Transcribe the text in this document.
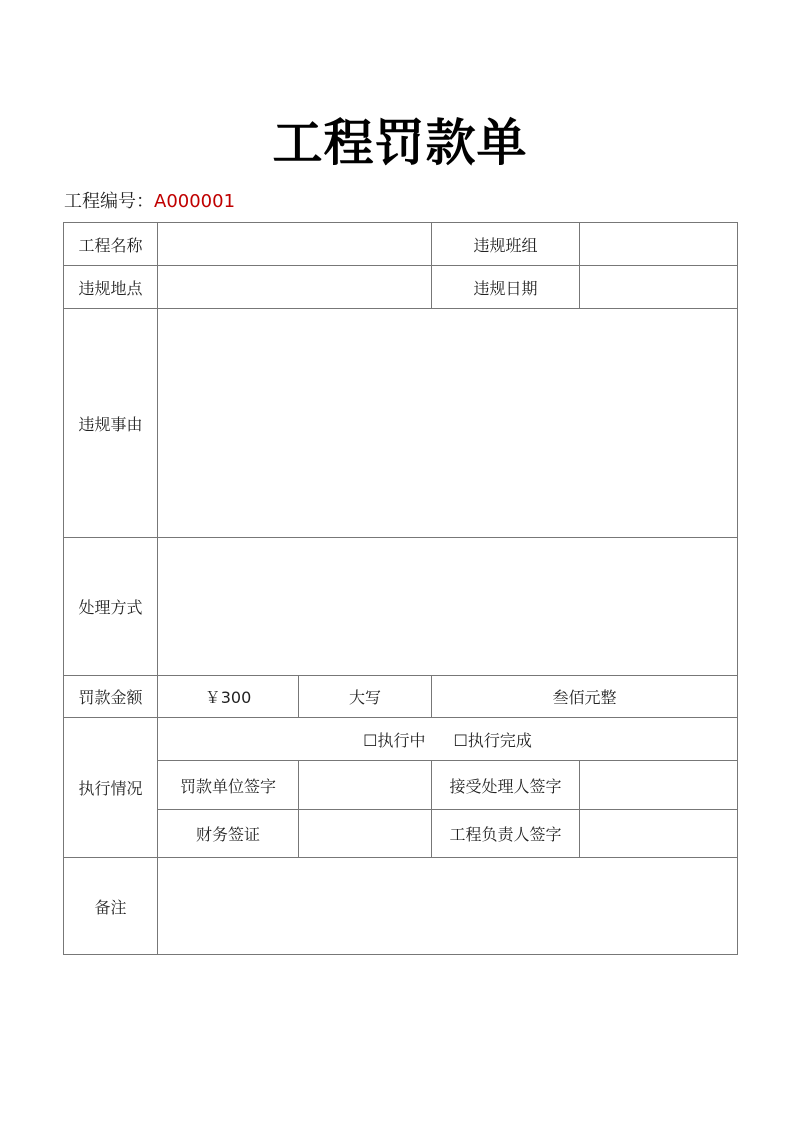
工程罚款单
工程编号：A000001
工程名称			违规班组	
违规地点			违规日期	
违规事由				
处理方式				
罚款金额	￥300	大写	叁佰元整	
执行情况	☐执行中 ☐执行完成			
	罚款单位签字		接受处理人签字	
	财务签证		工程负责人签字	
备注				
